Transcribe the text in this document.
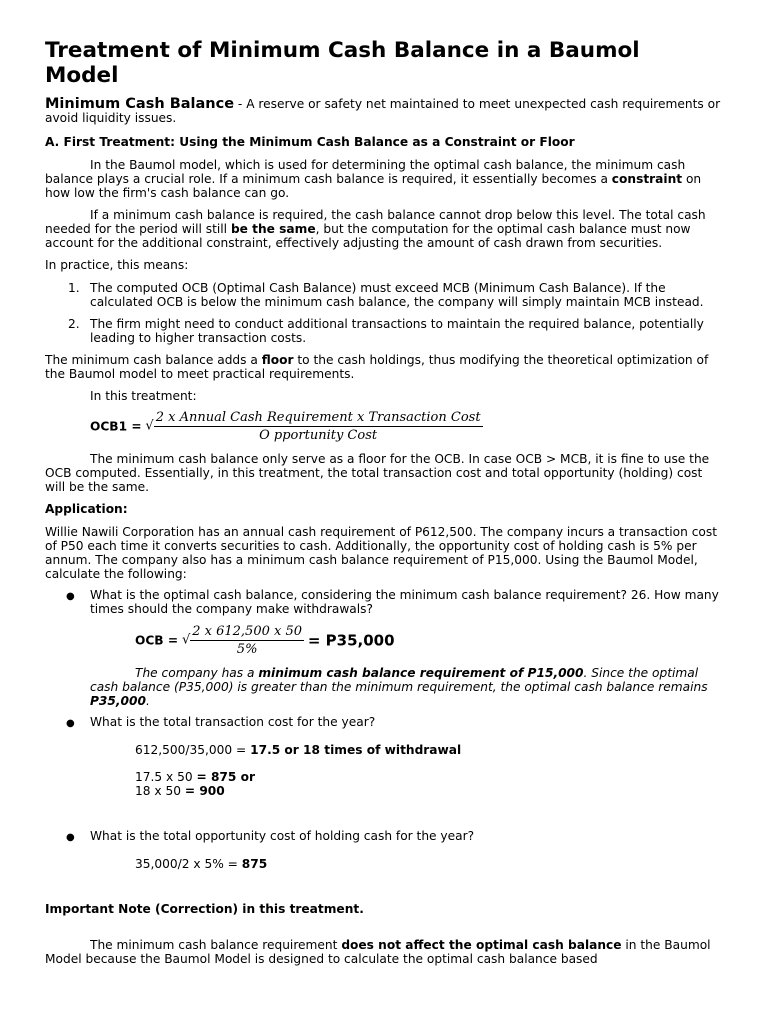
Treatment of Minimum Cash Balance in a Baumol Model
Minimum Cash Balance - A reserve or safety net maintained to meet unexpected cash requirements or avoid liquidity issues.
A. First Treatment: Using the Minimum Cash Balance as a Constraint or Floor
In the Baumol model, which is used for determining the optimal cash balance, the minimum cash balance plays a crucial role. If a minimum cash balance is required, it essentially becomes a constraint on how low the firm's cash balance can go.
If a minimum cash balance is required, the cash balance cannot drop below this level. The total cash needed for the period will still be the same, but the computation for the optimal cash balance must now account for the additional constraint, effectively adjusting the amount of cash drawn from securities.
In practice, this means:
1. The computed OCB (Optimal Cash Balance) must exceed MCB (Minimum Cash Balance). If the calculated OCB is below the minimum cash balance, the company will simply maintain MCB instead.
2. The firm might need to conduct additional transactions to maintain the required balance, potentially leading to higher transaction costs.
The minimum cash balance adds a floor to the cash holdings, thus modifying the theoretical optimization of the Baumol model to meet practical requirements.
In this treatment:
OCB1 = √ $\frac{\text{2 x Annual Cash Requirement x Transaction Cost}}{\text{O pportunity Cost}}$
The minimum cash balance only serve as a floor for the OCB. In case OCB > MCB, it is fine to use the OCB computed. Essentially, in this treatment, the total transaction cost and total opportunity (holding) cost will be the same.
Application:
Willie Nawili Corporation has an annual cash requirement of P612,500. The company incurs a transaction cost of P50 each time it converts securities to cash. Additionally, the opportunity cost of holding cash is 5% per annum. The company also has a minimum cash balance requirement of P15,000. Using the Baumol Model, calculate the following:
● What is the optimal cash balance, considering the minimum cash balance requirement? 26. How many times should the company make withdrawals?
OCB = √ $\frac{2 x 612,500 x 50}{5\%} = P35,000$
The company has a minimum cash balance requirement of P15,000. Since the optimal cash balance (P35,000) is greater than the minimum requirement, the optimal cash balance remains P35,000.
● What is the total transaction cost for the year?
612,500/35,000 = 17.5 or 18 times of withdrawal
17.5 x 50 = 875 or
18 x 50 = 900
● What is the total opportunity cost of holding cash for the year?
35,000/2 x 5% = 875
Important Note (Correction) in this treatment.
The minimum cash balance requirement does not affect the optimal cash balance in the Baumol Model because the Baumol Model is designed to calculate the optimal cash balance based
